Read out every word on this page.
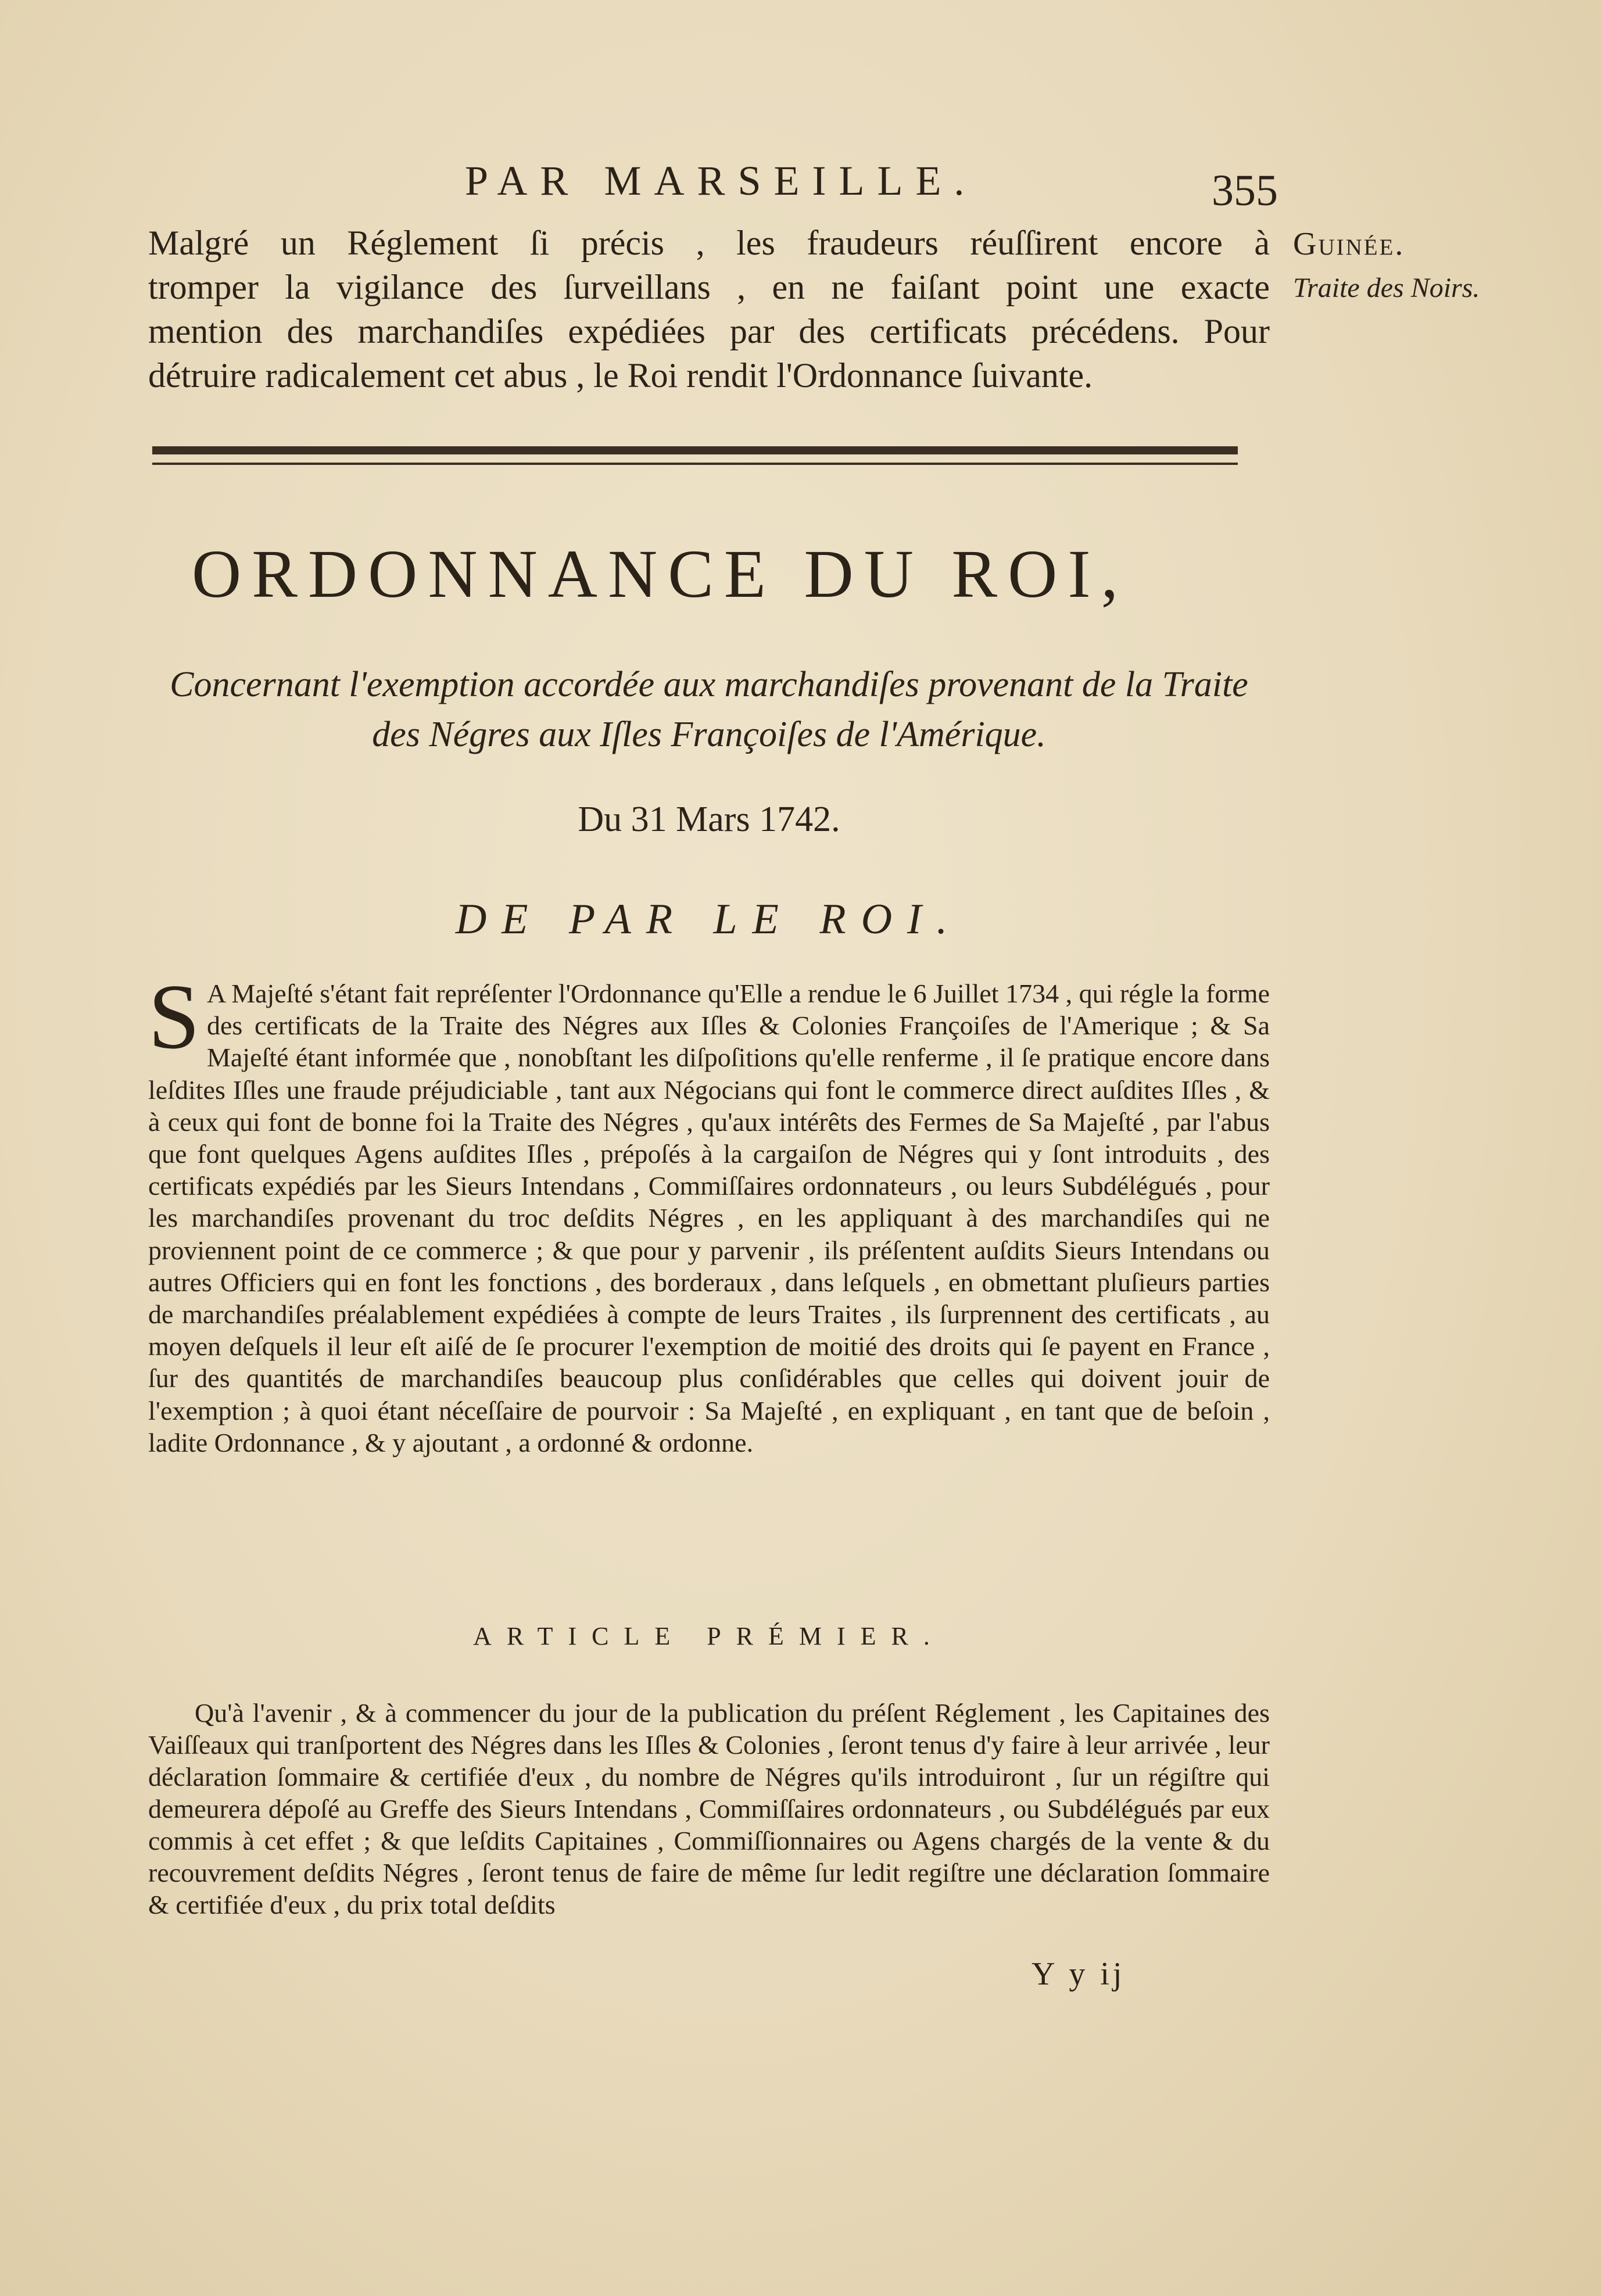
PAR MARSEILLE.	355
Malgré un Réglement ſi précis , les fraudeurs réuſſirent encore à
tromper la vigilance des ſurveillans , en ne faiſant point une exacte
mention des marchandiſes expédiées par des certificats précédens. Pour
détruire radicalement cet abus , le Roi rendit l'Ordonnance ſuivante.
Guinée.
Traite des Noirs.
ORDONNANCE DU ROI,
Concernant l'exemption accordée aux marchandiſes provenant de la Traite
des Négres aux Iſles Françoiſes de l'Amérique.
Du 31 Mars 1742.
DE PAR LE ROI.
S A Majeſté s'étant fait repréſenter l'Ordonnance qu'Elle a rendue le 6 Juillet 1734 , qui régle la forme des certificats de la Traite des Négres aux Iſles & Colonies Françoiſes de l'Amerique ; & Sa Majeſté étant informée que , nonobſtant les diſpoſitions qu'elle renferme , il ſe pratique encore dans leſdites Iſles une fraude préjudiciable , tant aux Négocians qui font le commerce direct auſdites Iſles , & à ceux qui font de bonne foi la Traite des Négres , qu'aux intérêts des Fermes de Sa Majeſté , par l'abus que font quelques Agens auſdites Iſles , prépoſés à la cargaiſon de Négres qui y ſont introduits , des certificats expédiés par les Sieurs Intendans , Commiſſaires ordonnateurs , ou leurs Subdélégués , pour les marchandiſes provenant du troc deſdits Négres , en les appliquant à des marchandiſes qui ne proviennent point de ce commerce ; & que pour y parvenir , ils préſentent auſdits Sieurs Intendans ou autres Officiers qui en font les fonctions , des borderaux , dans leſquels , en obmettant pluſieurs parties de marchandiſes préalablement expédiées à compte de leurs Traites , ils ſurprennent des certificats , au moyen deſquels il leur eſt aiſé de ſe procurer l'exemption de moitié des droits qui ſe payent en France , ſur des quantités de marchandiſes beaucoup plus conſidérables que celles qui doivent jouir de l'exemption ; à quoi étant néceſſaire de pourvoir : Sa Majeſté , en expliquant , en tant que de beſoin , ladite Ordonnance , & y ajoutant , a ordonné & ordonne.
ARTICLE PRÉMIER.
Qu'à l'avenir , & à commencer du jour de la publication du préſent Réglement , les Capitaines des Vaiſſeaux qui tranſportent des Négres dans les Iſles & Colonies , ſeront tenus d'y faire à leur arrivée , leur déclaration ſommaire & certifiée d'eux , du nombre de Négres qu'ils introduiront , ſur un régiſtre qui demeurera dépoſé au Greffe des Sieurs Intendans , Commiſſaires ordonnateurs , ou Subdélégués par eux commis à cet effet ; & que leſdits Capitaines , Commiſſionnaires ou Agens chargés de la vente & du recouvrement deſdits Négres , ſeront tenus de faire de même ſur ledit regiſtre une déclaration ſommaire & certifiée d'eux , du prix total deſdits
Y y ij
